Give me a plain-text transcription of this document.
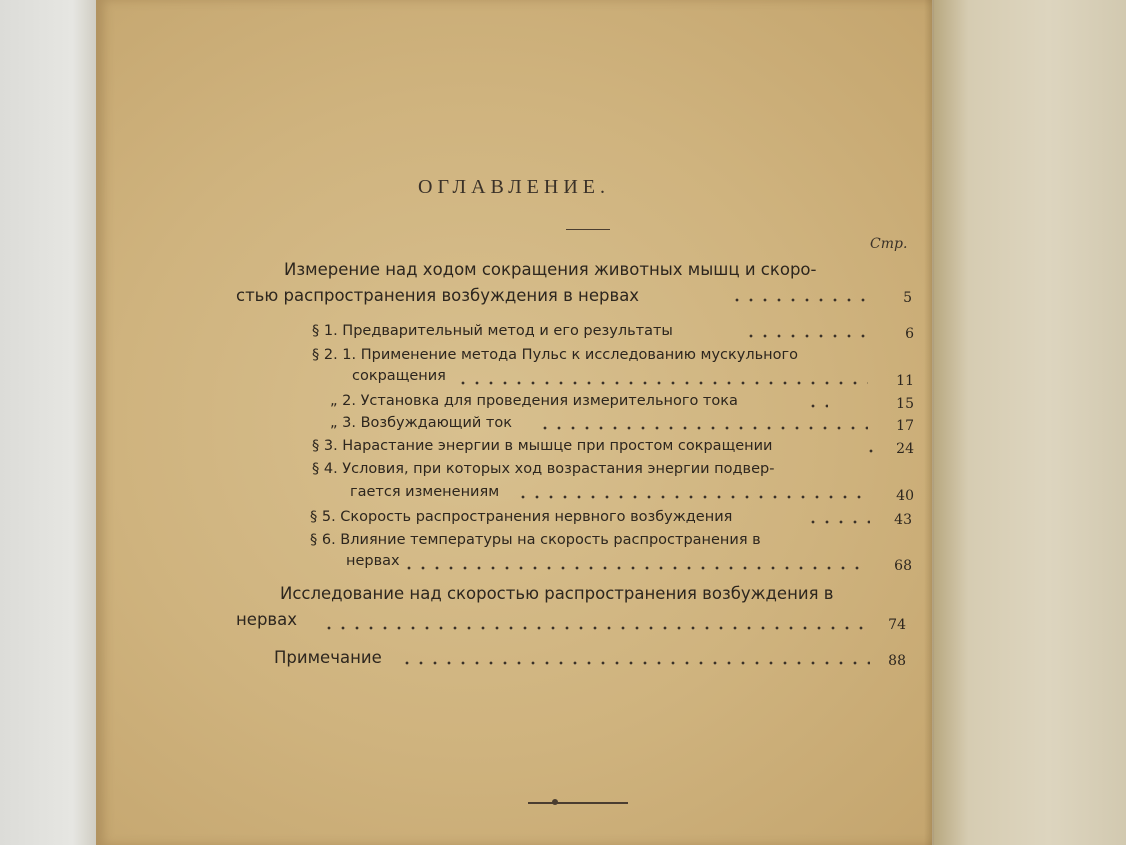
ОГЛАВЛЕНИЕ.
Стр.
Измерение над ходом сокращения животных мышц и скоро-
стью распространения возбуждения в нервах	5
§ 1. Предварительный метод и его результаты	6
§ 2. 1. Применение метода Пульс к исследованию мускульного
сокращения	11
„ 2. Установка для проведения измерительного тока	15
„ 3. Возбуждающий ток	17
§ 3. Нарастание энергии в мышце при простом сокращении	24
§ 4. Условия, при которых ход возрастания энергии подвер-
гается изменениям	40
§ 5. Скорость распространения нервного возбуждения	43
§ 6. Влияние температуры на скорость распространения в
нервах	68
Исследование над скоростью распространения возбуждения в
нервах	74
Примечание	88
